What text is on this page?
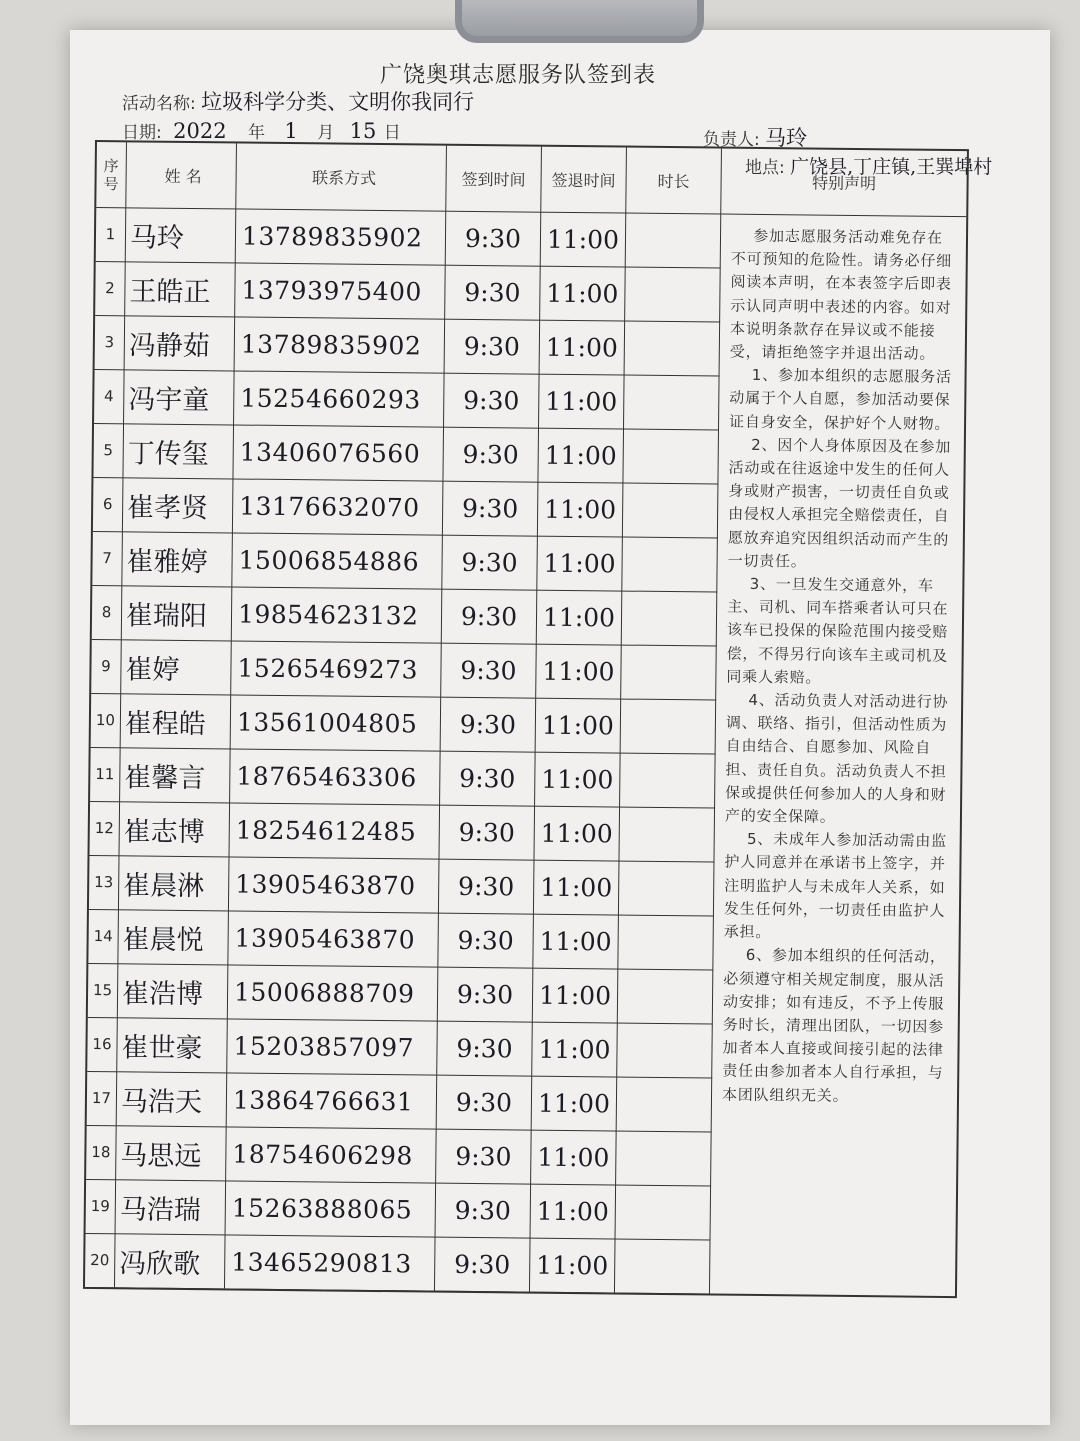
广饶奥琪志愿服务队签到表
活动名称: 垃圾科学分类、文明你我同行
日期: 2022 年 1 月 15 日	负责人: 马玲
地点: 广饶县,丁庄镇,王巽埠村
序
号	姓 名	联系方式	签到时间	签退时间	时长
1 马玲	13789835902	9:30	11:00
2 王皓正	13793975400	9:30	11:00
3 冯静茹	13789835902	9:30	11:00
4 冯宇童	15254660293	9:30	11:00
5 丁传玺	13406076560	9:30	11:00
6 崔孝贤	13176632070	9:30	11:00
7 崔雅婷	15006854886	9:30	11:00
8 崔瑞阳	19854623132	9:30	11:00
9 崔婷	15265469273	9:30	11:00
10 崔程皓	13561004805	9:30	11:00
11 崔馨言	18765463306	9:30	11:00
12 崔志博	18254612485	9:30	11:00
13 崔晨淋	13905463870	9:30	11:00
14 崔晨悦	13905463870	9:30	11:00
15 崔浩博	15006888709	9:30	11:00
16 崔世豪	15203857097	9:30	11:00
17 马浩天	13864766631	9:30	11:00
18 马思远	18754606298	9:30	11:00
19 马浩瑞	15263888065	9:30	11:00
20 冯欣歌	13465290813	9:30	11:00
特别声明
参加志愿服务活动难免存在不可预知的危险性。请务必仔细阅读本声明，在本表签字后即表示认同声明中表述的内容。如对本说明条款存在异议或不能接受，请拒绝签字并退出活动。
1、参加本组织的志愿服务活动属于个人自愿，参加活动要保证自身安全，保护好个人财物。
2、因个人身体原因及在参加活动或在往返途中发生的任何人身或财产损害，一切责任自负或由侵权人承担完全赔偿责任，自愿放弃追究因组织活动而产生的一切责任。
3、一旦发生交通意外，车主、司机、同车搭乘者认可只在该车已投保的保险范围内接受赔偿，不得另行向该车主或司机及同乘人索赔。
4、活动负责人对活动进行协调、联络、指引，但活动性质为自由结合、自愿参加、风险自担、责任自负。活动负责人不担保或提供任何参加人的人身和财产的安全保障。
5、未成年人参加活动需由监护人同意并在承诺书上签字，并注明监护人与未成年人关系，如发生任何外，一切责任由监护人承担。
6、参加本组织的任何活动，必须遵守相关规定制度，服从活动安排；如有违反，不予上传服务时长，清理出团队，一切因参加者本人直接或间接引起的法律责任由参加者本人自行承担，与本团队组织无关。
